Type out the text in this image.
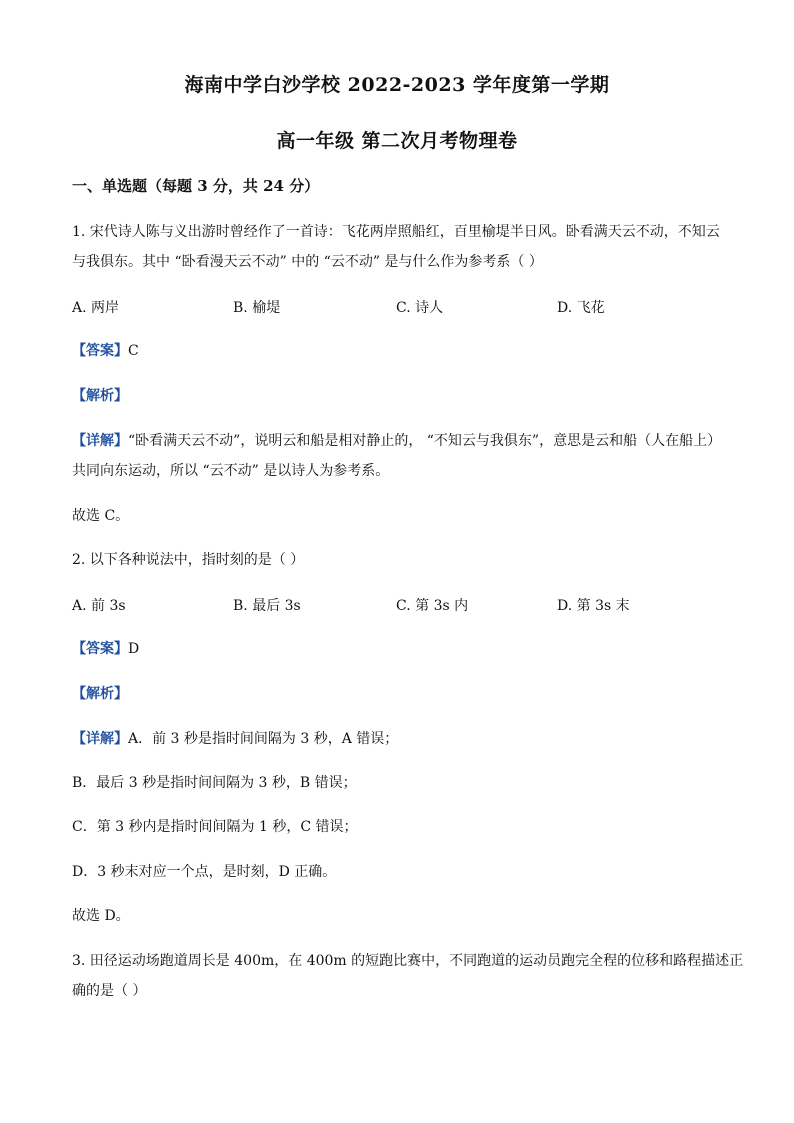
海南中学白沙学校 2022-2023 学年度第一学期
高一年级 第二次月考物理卷
一、单选题（每题 3 分，共 24 分）
1. 宋代诗人陈与义出游时曾经作了一首诗：飞花两岸照船红，百里榆堤半日风。卧看满天云不动，不知云
与我俱东。其中 “卧看漫天云不动” 中的 “云不动” 是与什么作为参考系（ ）
A. 两岸	B. 榆堤	C. 诗人	D. 飞花
【答案】C
【解析】
【详解】“卧看满天云不动”，说明云和船是相对静止的， “不知云与我俱东”，意思是云和船（人在船上）
共同向东运动，所以 “云不动” 是以诗人为参考系。
故选 C。
2. 以下各种说法中，指时刻的是（ ）
A. 前 3s	B. 最后 3s	C. 第 3s 内	D. 第 3s 末
【答案】D
【解析】
【详解】A．前 3 秒是指时间间隔为 3 秒，A 错误；
B．最后 3 秒是指时间间隔为 3 秒，B 错误；
C．第 3 秒内是指时间间隔为 1 秒，C 错误；
D．3 秒末对应一个点，是时刻，D 正确。
故选 D。
3. 田径运动场跑道周长是 400m，在 400m 的短跑比赛中，不同跑道的运动员跑完全程的位移和路程描述正
确的是（ ）
